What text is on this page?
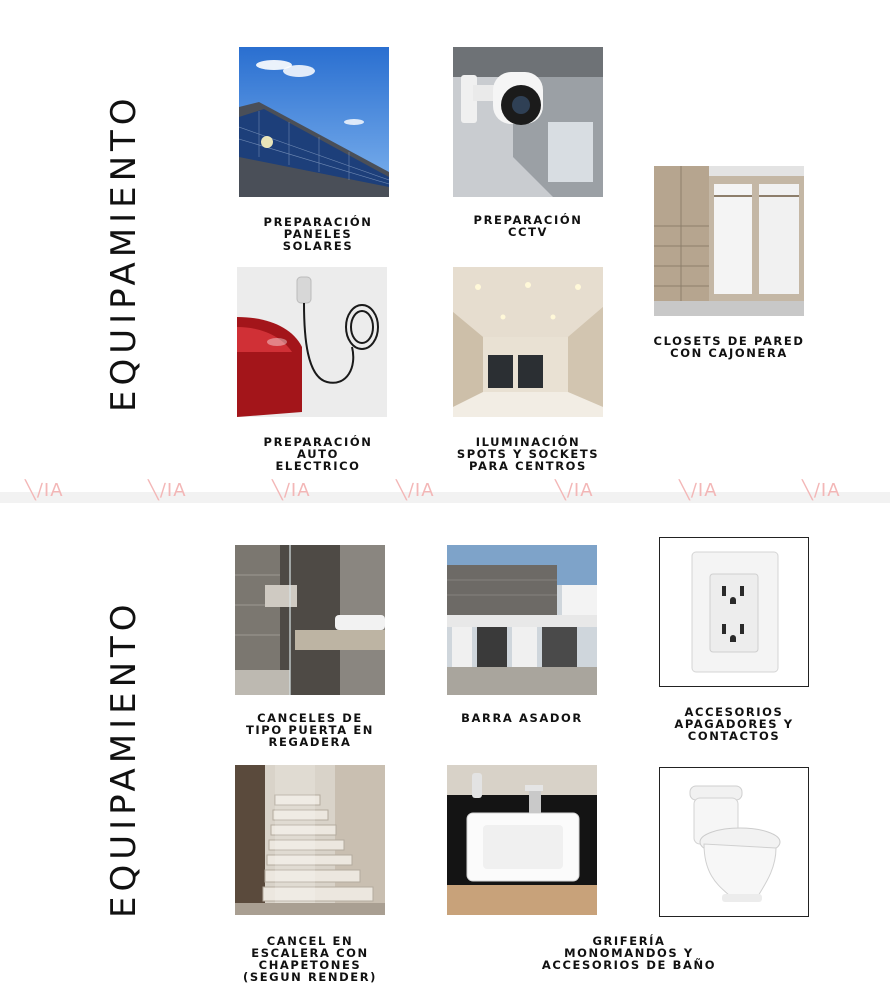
EQUIPAMIENTO	PREPARACIÓN
PANELES
SOLARES
PREPARACIÓN
CCTV
CLOSETS DE PARED
CON CAJONERA
PREPARACIÓN
AUTO
ELECTRICO
ILUMINACIÓN
SPOTS Y SOCKETS
PARA CENTROS
╲∕IA	╲∕IA	╲∕IA	╲∕IA	╲∕IA	╲∕IA	╲∕IA
EQUIPAMIENTO	CANCELES DE
TIPO PUERTA EN
REGADERA
BARRA ASADOR	ACCESORIOS
APAGADORES Y
CONTACTOS
CANCEL EN
ESCALERA CON
CHAPETONES
(SEGUN RENDER)
GRIFERÍA
MONOMANDOS Y
ACCESORIOS DE BAÑO
